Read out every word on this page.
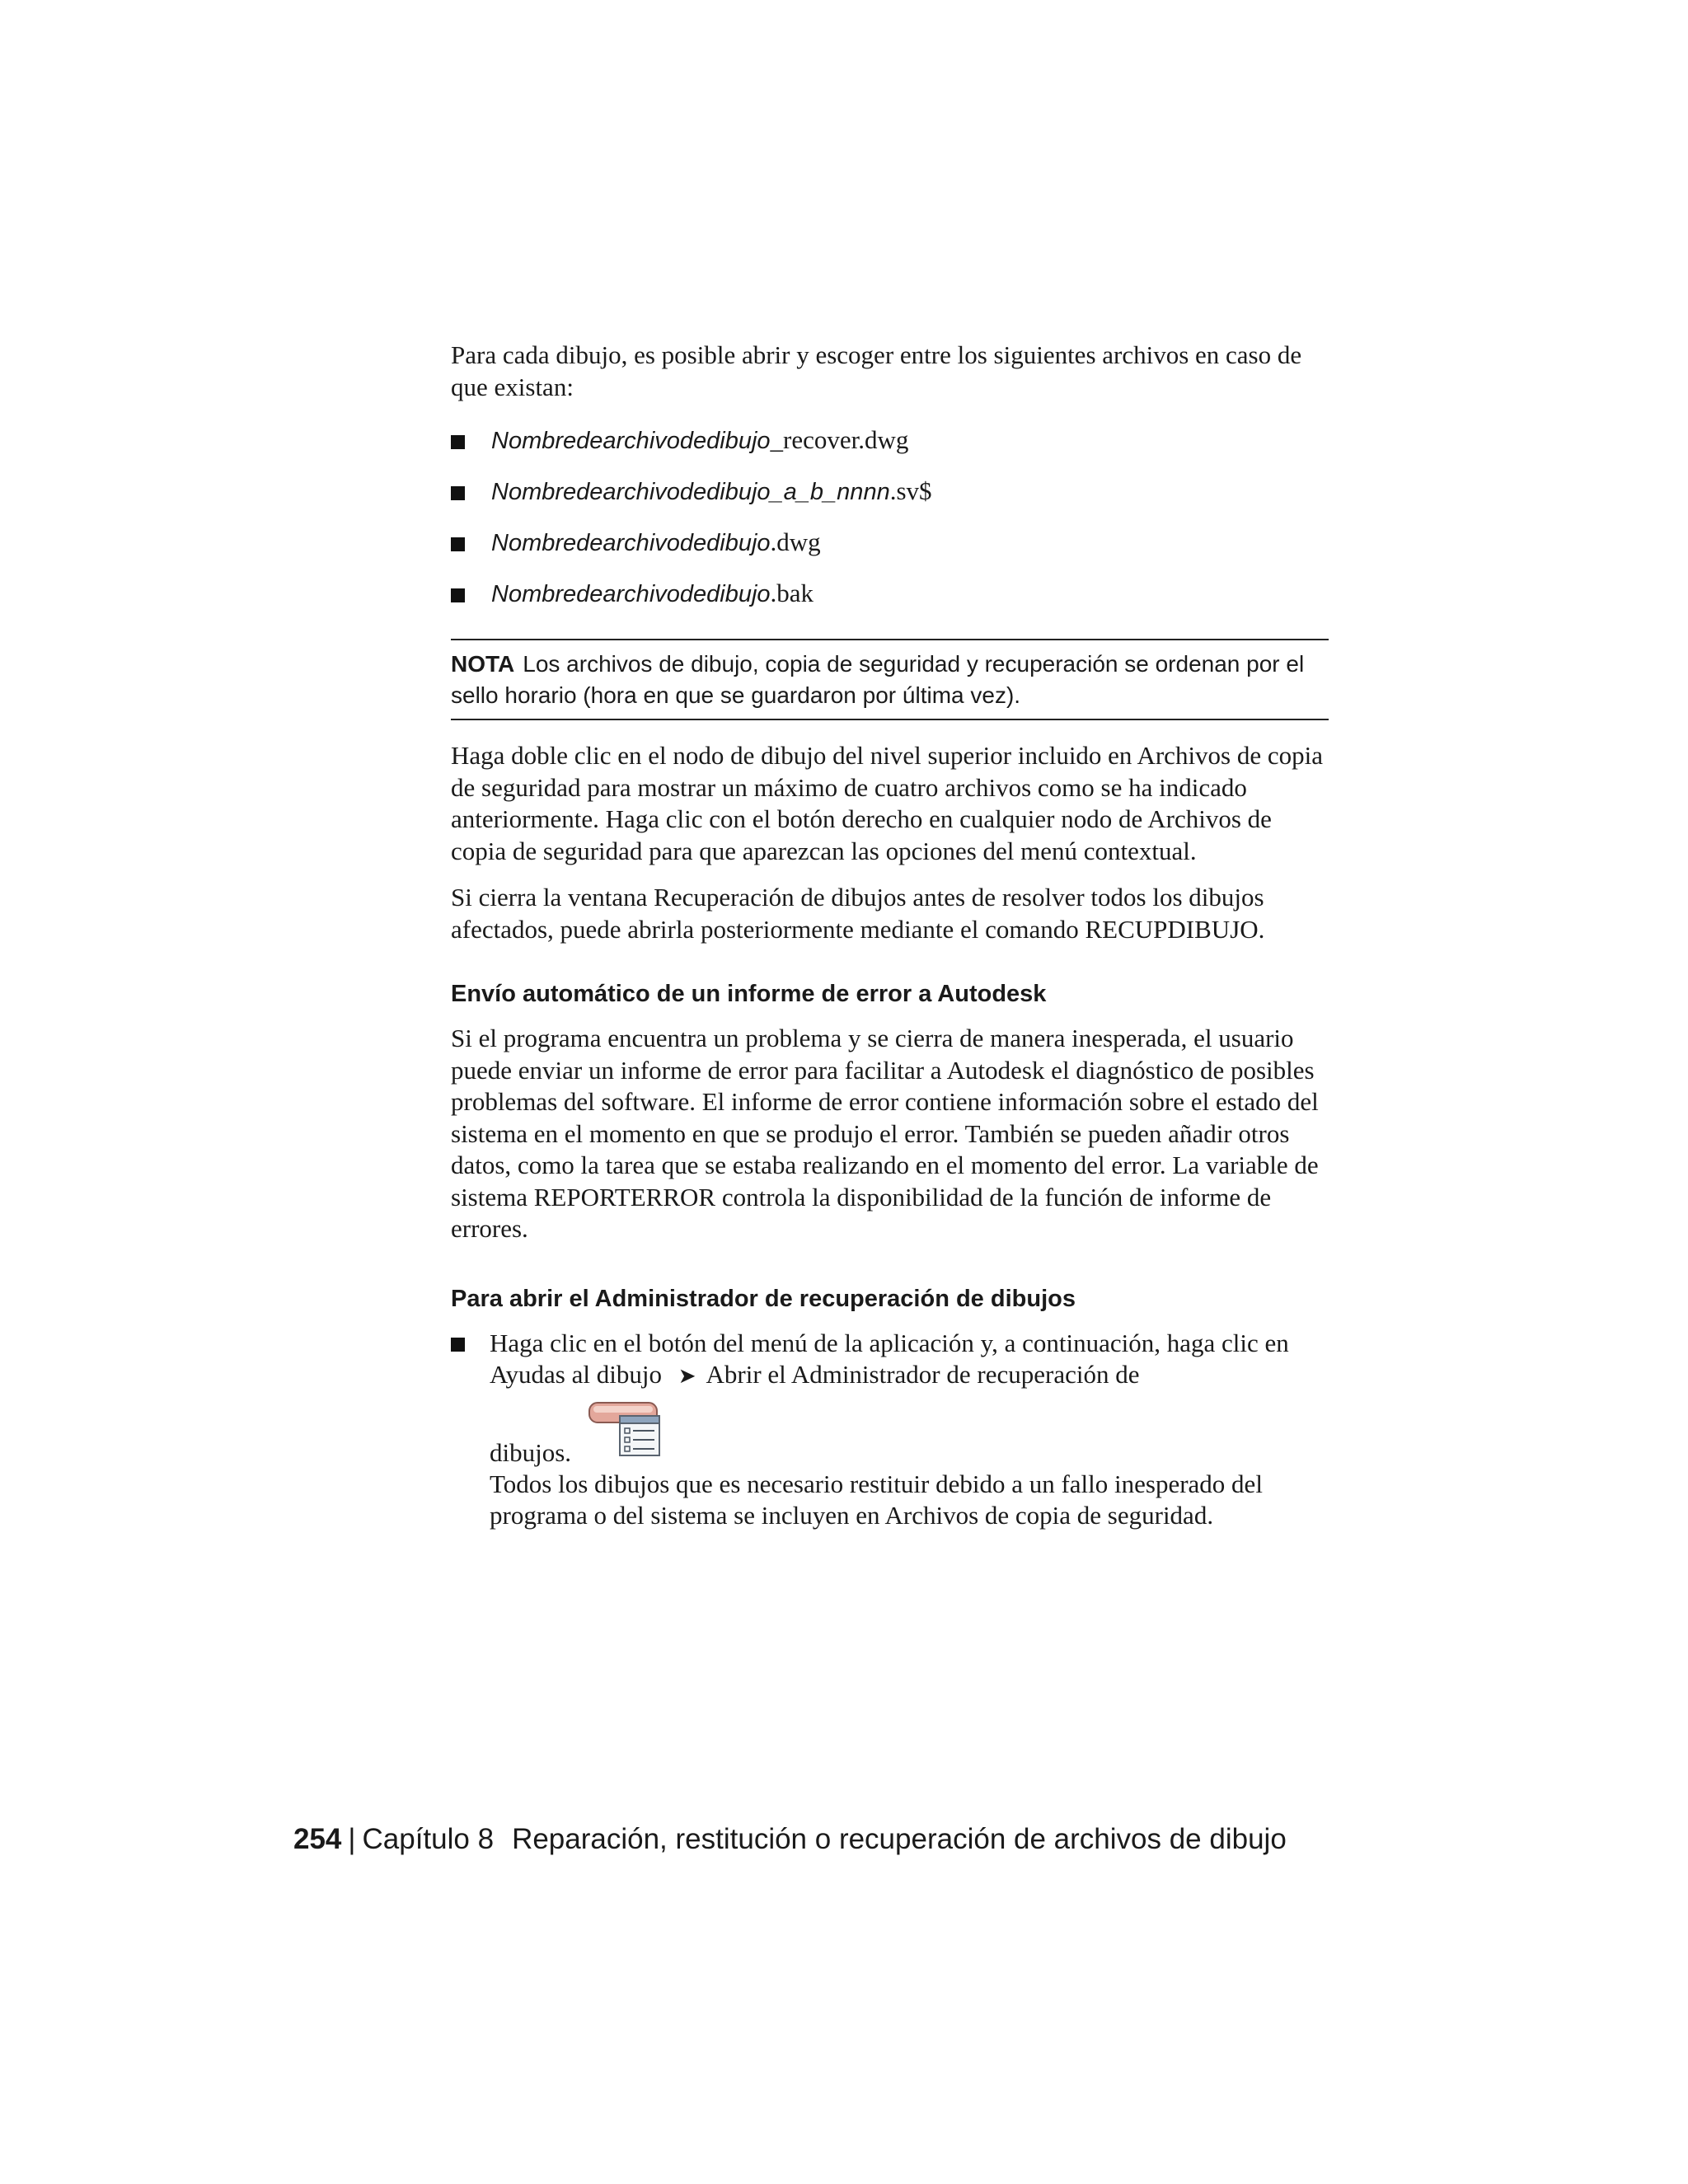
Para cada dibujo, es posible abrir y escoger entre los siguientes archivos en caso de que existan:

Nombredearchivodedibujo_recover.dwg
Nombredearchivodedibujo_a_b_nnnn.sv$
Nombredearchivodedibujo.dwg
Nombredearchivodedibujo.bak
NOTA Los archivos de dibujo, copia de seguridad y recuperación se ordenan por el sello horario (hora en que se guardaron por última vez).

Haga doble clic en el nodo de dibujo del nivel superior incluido en Archivos de copia de seguridad para mostrar un máximo de cuatro archivos como se ha indicado anteriormente. Haga clic con el botón derecho en cualquier nodo de Archivos de copia de seguridad para que aparezcan las opciones del menú contextual.

Si cierra la ventana Recuperación de dibujos antes de resolver todos los dibujos afectados, puede abrirla posteriormente mediante el comando RECUPDIBUJO.

Envío automático de un informe de error a Autodesk

Si el programa encuentra un problema y se cierra de manera inesperada, el usuario puede enviar un informe de error para facilitar a Autodesk el diagnóstico de posibles problemas del software. El informe de error contiene información sobre el estado del sistema en el momento en que se produjo el error. También se pueden añadir otros datos, como la tarea que se estaba realizando en el momento del error. La variable de sistema REPORTERROR controla la disponibilidad de la función de informe de errores.

Para abrir el Administrador de recuperación de dibujos

Haga clic en el botón del menú de la aplicación y, a continuación, haga clic en Ayudas al dibujo ➤ Abrir el Administrador de recuperación de

dibujos.

Todos los dibujos que es necesario restituir debido a un fallo inesperado del programa o del sistema se incluyen en Archivos de copia de seguridad.

254 | Capítulo 8 Reparación, restitución o recuperación de archivos de dibujo
